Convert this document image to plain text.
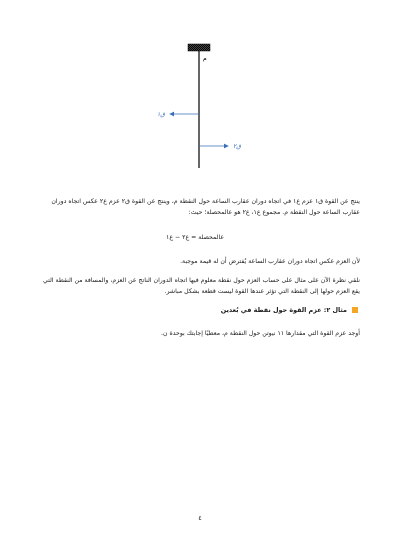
م
ق١
ق٢
ينتج عن القوة ق١ عزم ع١ في اتجاه دوران عقارب الساعة حول النقطة م، وينتج عن القوة ق٢ عزم ع٢ عكس اتجاه دوران عقارب الساعة حول النقطة م. مجموع ع١، ع٢ هو عالمحصلة؛ حيث:
عالمحصلة = ع٢ − ع١
لأن العزم عكس اتجاه دوران عقارب الساعة يُفترض أن له قيمة موجبة.
نلقي نظرة الآن على مثال على حساب العزم حول نقطة معلوم فيها اتجاه الدوران الناتج عن العزم، والمسافة من النقطة التي يقع العزم حولها إلى النقطة التي تؤثر عندها القوة ليست قطعة بشكل مباشر.
مثال ٢: عزم القوة حول نقطة في بُعدين
أوجد عزم القوة التي مقدارها ١١ نيوتن حول النقطة م، معطيًا إجابتك بوحدة ن.
٤
